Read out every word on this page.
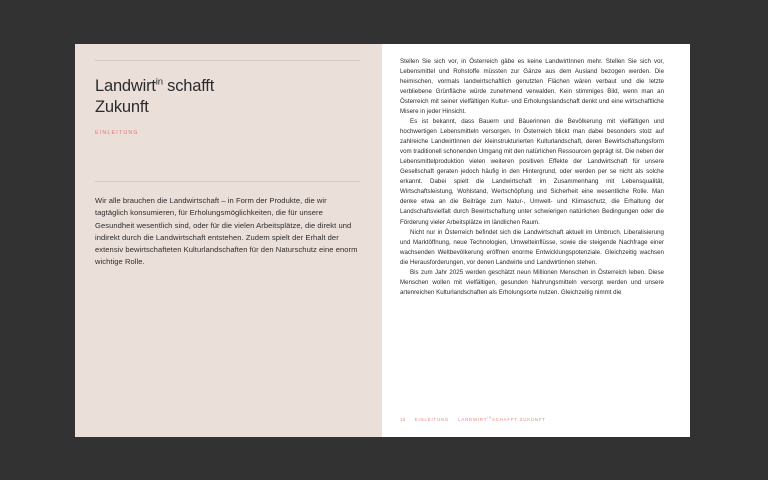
Landwirt$^{in}$ schafft
Zukunft

EINLEITUNG

Wir alle brauchen die Landwirtschaft – in Form der Produkte, die wir tagtäglich konsumieren, für Erholungsmöglichkeiten, die für unsere Gesundheit wesentlich sind, oder für die vielen Arbeitsplätze, die direkt und indirekt durch die Landwirtschaft entstehen. Zudem spielt der Erhalt der extensiv bewirtschafteten Kulturlandschaften für den Naturschutz eine enorm wichtige Rolle.

Stellen Sie sich vor, in Österreich gäbe es keine LandwirtInnen mehr. Stellen Sie sich vor, Lebensmittel und Rohstoffe müssten zur Gänze aus dem Ausland bezogen werden. Die heimischen, vormals landwirtschaftlich genutzten Flächen wären verbaut und die letzte verbliebene Grünfläche würde zunehmend verwalden. Kein stimmiges Bild, wenn man an Österreich mit seiner vielfältigen Kultur- und Erholungslandschaft denkt und eine wirtschaftliche Misere in jeder Hinsicht.

Es ist bekannt, dass Bauern und Bäuerinnen die Bevölkerung mit vielfältigen und hochwertigen Lebensmitteln versorgen. In Österreich blickt man dabei besonders stolz auf zahlreiche LandwirtInnen der kleinstrukturierten Kulturlandschaft, deren Bewirtschaftungsform vom traditionell schonenden Umgang mit den natürlichen Ressourcen geprägt ist. Die neben der Lebensmittelproduktion vielen weiteren positiven Effekte der Landwirtschaft für unsere Gesellschaft geraten jedoch häufig in den Hintergrund, oder werden per se nicht als solche erkannt. Dabei spielt die Landwirtschaft im Zusammenhang mit Lebensqualität, Wirtschaftsleistung, Wohlstand, Wertschöpfung und Sicherheit eine wesentliche Rolle. Man denke etwa an die Beiträge zum Natur-, Umwelt- und Klimaschutz, die Erhaltung der Landschaftsvielfalt durch Bewirtschaftung unter schwierigen natürlichen Bedingungen oder die Förderung vieler Arbeitsplätze im ländlichen Raum.

Nicht nur in Österreich befindet sich die Landwirtschaft aktuell im Umbruch. Liberalisierung und Marktöffnung, neue Technologien, Umwelteinflüsse, sowie die steigende Nachfrage einer wachsenden Weltbevölkerung eröffnen enorme Entwicklungspotenziale. Gleichzeitig wachsen die Herausforderungen, vor denen Landwirte und Landwirtinnen stehen.

Bis zum Jahr 2025 werden geschätzt neun Millionen Menschen in Österreich leben. Diese Menschen wollen mit vielfältigen, gesunden Nahrungsmitteln versorgt werden und unsere artenreichen Kulturlandschaften als Erholungsorte nutzen. Gleichzeitig nimmt die

15 EINLEITUNG $LANDWIRT^{IN}SCHAFFT$ ZUKUNFT
